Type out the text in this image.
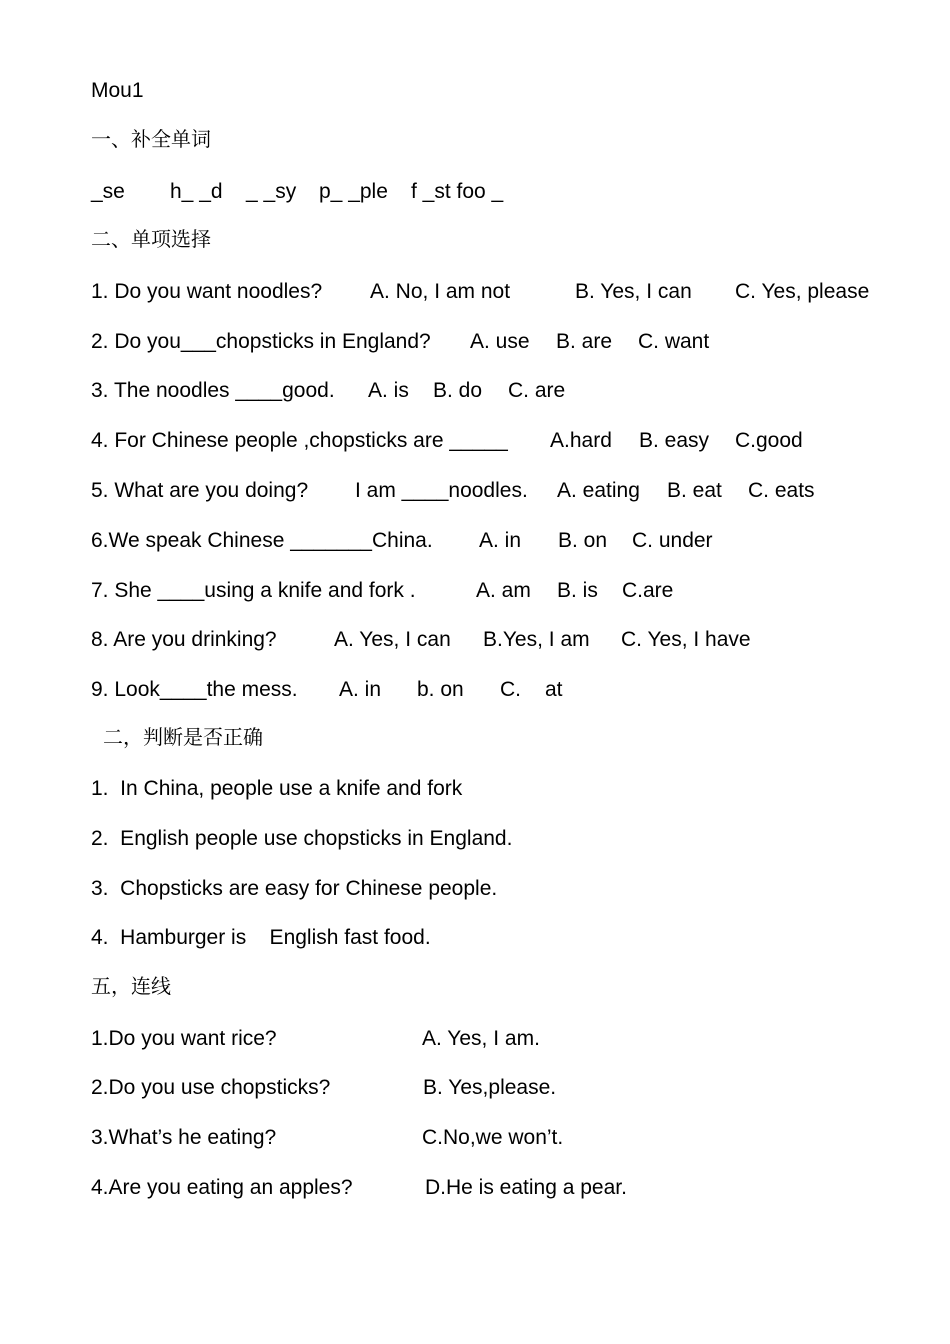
Mou1
一、补全单词
_se h_ _d _ _sy p_ _ple f _st foo _
二、单项选择
1. Do you want noodles? A. No, I am not	B. Yes, I can C. Yes, please
2. Do you___chopsticks in England? A. use B. are C. want
3. The noodles ____good. A. is B. do C. are
4. For Chinese people ,chopsticks are _____ A.hard B. easy C.good
5. What are you doing? I am ____noodles. A. eating B. eat C. eats
6.We speak Chinese _______China. A. in B. on C. under
7. She ____using a knife and fork .	A. am B. is C.are
8. Are you drinking?	A. Yes, I can B.Yes, I am C. Yes, I have
9. Look____the mess. A. in b. on C. at
二，判断是否正确
1.  In China, people use a knife and fork
2.  English people use chopsticks in England.
3.  Chopsticks are easy for Chinese people.
4.  Hamburger is    English fast food.
五，连线
1.Do you want rice?	A. Yes, I am.
2.Do you use chopsticks?	B. Yes,please.
3.What’s he eating?	C.No,we won’t.
4.Are you eating an apples?	D.He is eating a pear.
